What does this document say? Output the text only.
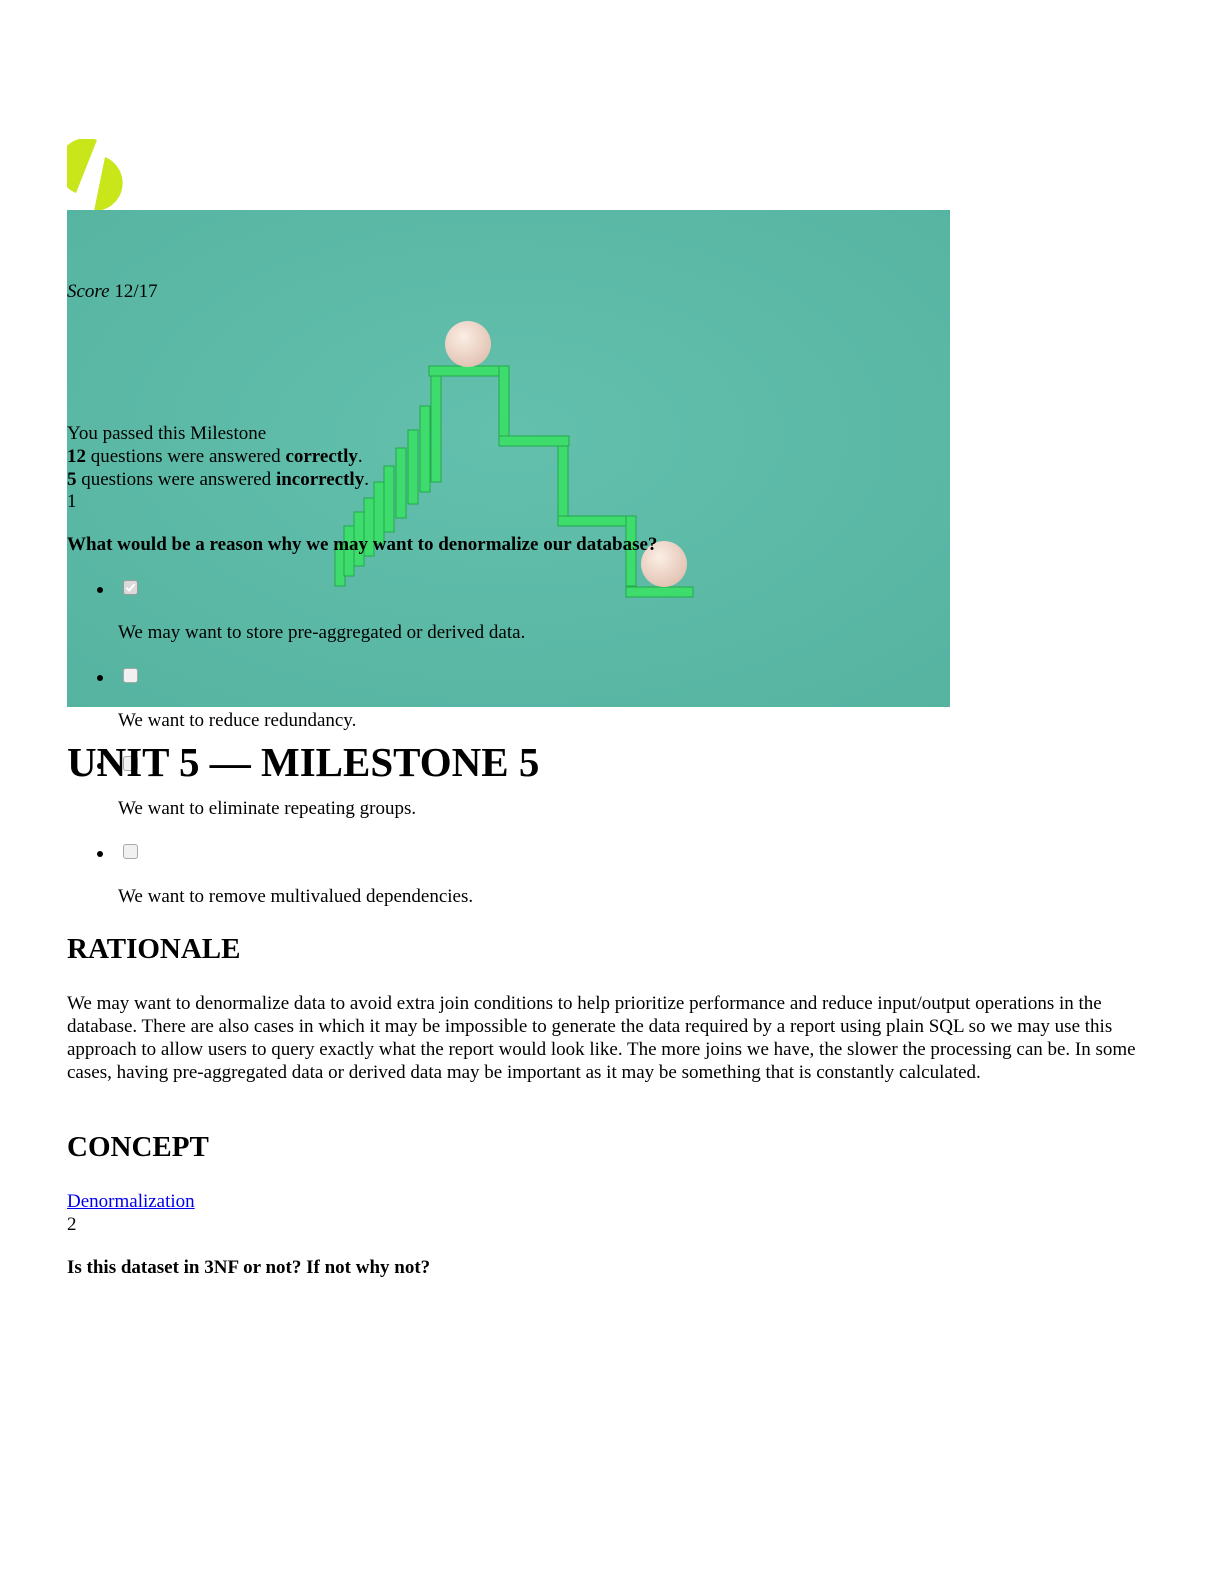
Score 12/17
You passed this Milestone
12 questions were answered correctly.
5 questions were answered incorrectly.
1
What would be a reason why we may want to denormalize our database?
We may want to store pre-aggregated or derived data.
We want to reduce redundancy.
We want to eliminate repeating groups.
UNIT 5 — MILESTONE 5
We want to remove multivalued dependencies.
RATIONALE
We may want to denormalize data to avoid extra join conditions to help prioritize performance and reduce input/output operations in the database. There are also cases in which it may be impossible to generate the data required by a report using plain SQL so we may use this approach to allow users to query exactly what the report would look like. The more joins we have, the slower the processing can be. In some cases, having pre-aggregated data or derived data may be important as it may be something that is constantly calculated.
CONCEPT
Denormalization
2
Is this dataset in 3NF or not? If not why not?
